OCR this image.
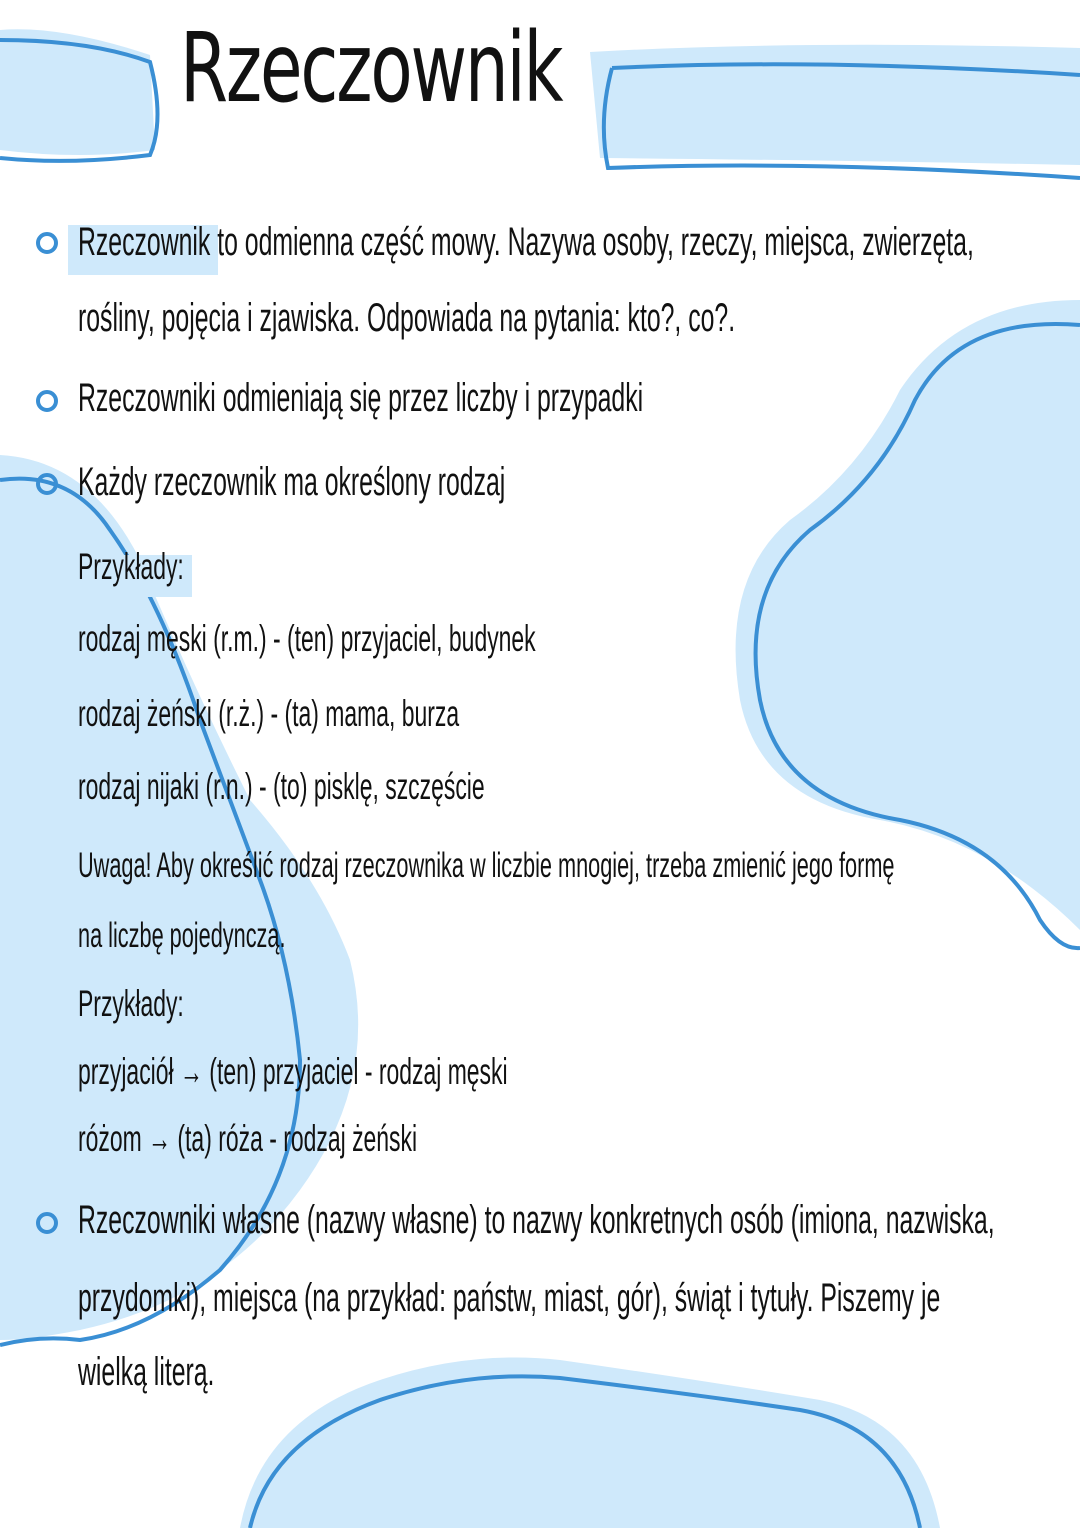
Rzeczownik
Rzeczownik to odmienna część mowy. Nazywa osoby, rzeczy, miejsca, zwierzęta,
rośliny, pojęcia i zjawiska. Odpowiada na pytania: kto?, co?.
Rzeczowniki odmieniają się przez liczby i przypadki
Każdy rzeczownik ma określony rodzaj
Przykłady:
rodzaj męski (r.m.) - (ten) przyjaciel, budynek
rodzaj żeński (r.ż.) - (ta) mama, burza
rodzaj nijaki (r.n.) - (to) pisklę, szczęście
Uwaga! Aby określić rodzaj rzeczownika w liczbie mnogiej, trzeba zmienić jego formę
na liczbę pojedynczą.
Przykłady:
przyjaciół → (ten) przyjaciel - rodzaj męski
różom → (ta) róża - rodzaj żeński
Rzeczowniki własne (nazwy własne) to nazwy konkretnych osób (imiona, nazwiska,
przydomki), miejsca (na przykład: państw, miast, gór), świąt i tytuły. Piszemy je
wielką literą.
